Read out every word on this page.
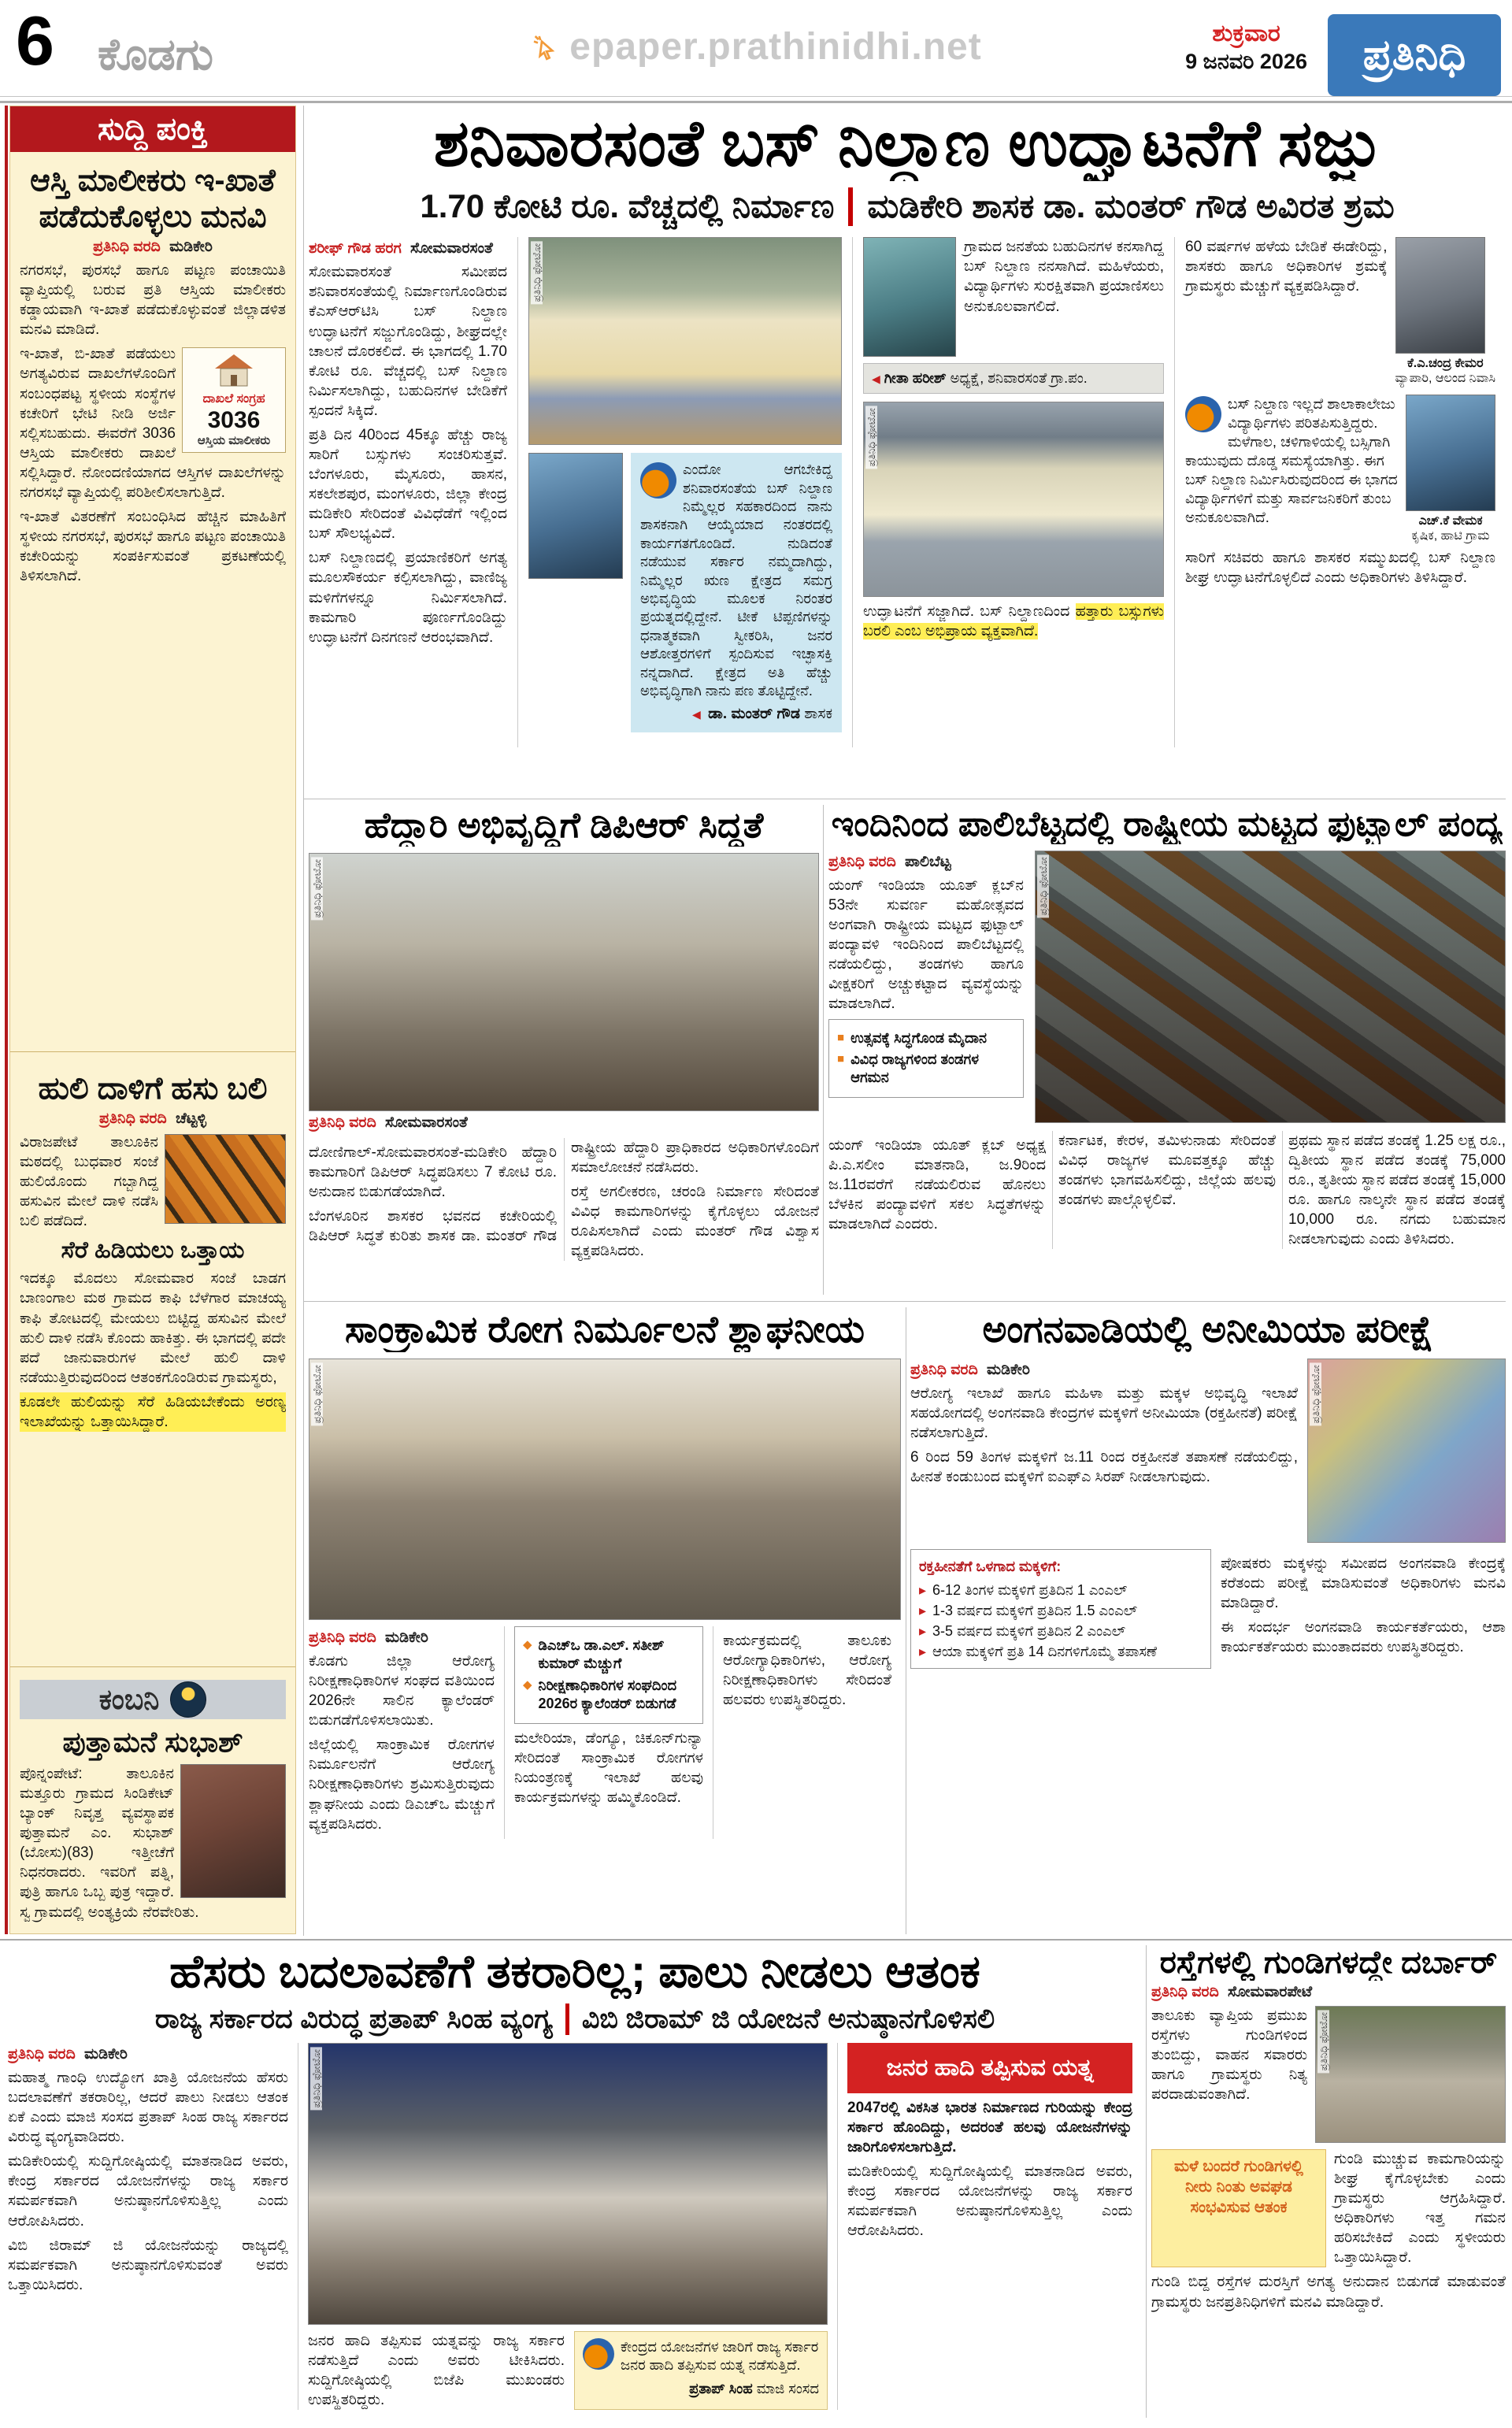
6 ಕೊಡಗು	epaper.prathinidhi.net	ಶುಕ್ರವಾರ
9 ಜನವರಿ 2026	ಪ್ರತಿನಿಧಿ
ಸುದ್ದಿ ಪಂಕ್ತಿ
ಆಸ್ತಿ ಮಾಲೀಕರು ಇ-ಖಾತೆ ಪಡೆದುಕೊಳ್ಳಲು ಮನವಿ
ಪ್ರತಿನಿಧಿ ವರದಿ ಮಡಿಕೇರಿ
ನಗರಸಭೆ, ಪುರಸಭೆ ಹಾಗೂ ಪಟ್ಟಣ ಪಂಚಾಯಿತಿ ವ್ಯಾಪ್ತಿಯಲ್ಲಿ ಬರುವ ಪ್ರತಿ ಆಸ್ತಿಯ ಮಾಲೀಕರು ಕಡ್ಡಾಯವಾಗಿ ಇ-ಖಾತೆ ಪಡೆದುಕೊಳ್ಳುವಂತೆ ಜಿಲ್ಲಾಡಳಿತ ಮನವಿ ಮಾಡಿದೆ.
ದಾಖಲೆ ಸಂಗ್ರಹ
3036
ಆಸ್ತಿಯ ಮಾಲೀಕರು
ಇ-ಖಾತೆ, ಬಿ-ಖಾತೆ ಪಡೆಯಲು ಅಗತ್ಯವಿರುವ ದಾಖಲೆಗಳೊಂದಿಗೆ ಸಂಬಂಧಪಟ್ಟ ಸ್ಥಳೀಯ ಸಂಸ್ಥೆಗಳ ಕಚೇರಿಗೆ ಭೇಟಿ ನೀಡಿ ಅರ್ಜಿ ಸಲ್ಲಿಸಬಹುದು. ಈವರೆಗೆ 3036 ಆಸ್ತಿಯ ಮಾಲೀಕರು ದಾಖಲೆ ಸಲ್ಲಿಸಿದ್ದಾರೆ. ನೋಂದಣಿಯಾಗದ ಆಸ್ತಿಗಳ ದಾಖಲೆಗಳನ್ನು ನಗರಸಭೆ ವ್ಯಾಪ್ತಿಯಲ್ಲಿ ಪರಿಶೀಲಿಸಲಾಗುತ್ತಿದೆ.
ಇ-ಖಾತೆ ವಿತರಣೆಗೆ ಸಂಬಂಧಿಸಿದ ಹೆಚ್ಚಿನ ಮಾಹಿತಿಗೆ ಸ್ಥಳೀಯ ನಗರಸಭೆ, ಪುರಸಭೆ ಹಾಗೂ ಪಟ್ಟಣ ಪಂಚಾಯಿತಿ ಕಚೇರಿಯನ್ನು ಸಂಪರ್ಕಿಸುವಂತೆ ಪ್ರಕಟಣೆಯಲ್ಲಿ ತಿಳಿಸಲಾಗಿದೆ.
ಹುಲಿ ದಾಳಿಗೆ ಹಸು ಬಲಿ
ಪ್ರತಿನಿಧಿ ವರದಿ ಚೆಟ್ಟಳ್ಳಿ
ವಿರಾಜಪೇಟೆ ತಾಲೂಕಿನ ಮಠದಲ್ಲಿ ಬುಧವಾರ ಸಂಜೆ ಹುಲಿಯೊಂದು ಗಬ್ಬಾಗಿದ್ದ ಹಸುವಿನ ಮೇಲೆ ದಾಳಿ ನಡೆಸಿ ಬಲಿ ಪಡೆದಿದೆ.
ಸೆರೆ ಹಿಡಿಯಲು ಒತ್ತಾಯ
ಇದಕ್ಕೂ ಮೊದಲು ಸೋಮವಾರ ಸಂಜೆ ಬಾಡಗ ಬಾಣಂಗಾಲ ಮಠ ಗ್ರಾಮದ ಕಾಫಿ ಬೆಳೆಗಾರ ಮಾಚಯ್ಯ ಕಾಫಿ ತೋಟದಲ್ಲಿ ಮೇಯಲು ಬಿಟ್ಟಿದ್ದ ಹಸುವಿನ ಮೇಲೆ ಹುಲಿ ದಾಳಿ ನಡೆಸಿ ಕೊಂದು ಹಾಕಿತ್ತು. ಈ ಭಾಗದಲ್ಲಿ ಪದೇ ಪದೆ ಜಾನುವಾರುಗಳ ಮೇಲೆ ಹುಲಿ ದಾಳಿ ನಡೆಯುತ್ತಿರುವುದರಿಂದ ಆತಂಕಗೊಂಡಿರುವ ಗ್ರಾಮಸ್ಥರು,
ಕೂಡಲೇ ಹುಲಿಯನ್ನು ಸೆರೆ ಹಿಡಿಯಬೇಕೆಂದು ಅರಣ್ಯ ಇಲಾಖೆಯನ್ನು ಒತ್ತಾಯಿಸಿದ್ದಾರೆ.
ಕಂಬನಿ
ಪುತ್ತಾಮನೆ ಸುಭಾಶ್
ಪೊನ್ನಂಪೇಟೆ: ತಾಲೂಕಿನ ಮತ್ತೂರು ಗ್ರಾಮದ ಸಿಂಡಿಕೇಟ್ ಬ್ಯಾಂಕ್ ನಿವೃತ್ತ ವ್ಯವಸ್ಥಾಪಕ ಪುತ್ತಾಮನೆ ಎಂ. ಸುಭಾಶ್ (ಬೋಸು)(83) ಇತ್ತೀಚೆಗೆ ನಿಧನರಾದರು. ಇವರಿಗೆ ಪತ್ನಿ, ಪುತ್ರಿ ಹಾಗೂ ಒಬ್ಬ ಪುತ್ರ ಇದ್ದಾರೆ. ಸ್ವ ಗ್ರಾಮದಲ್ಲಿ ಅಂತ್ಯಕ್ರಿಯೆ ನೆರವೇರಿತು.
ಶನಿವಾರಸಂತೆ ಬಸ್ ನಿಲ್ದಾಣ ಉದ್ಘಾಟನೆಗೆ ಸಜ್ಜು
1.70 ಕೋಟಿ ರೂ. ವೆಚ್ಚದಲ್ಲಿ ನಿರ್ಮಾಣ ಮಡಿಕೇರಿ ಶಾಸಕ ಡಾ. ಮಂತರ್ ಗೌಡ ಅವಿರತ ಶ್ರಮ
ಶರೀಫ್ ಗೌಡ ಹರಗ ಸೋಮವಾರಸಂತೆ
ಸೋಮವಾರಸಂತೆ ಸಮೀಪದ ಶನಿವಾರಸಂತೆಯಲ್ಲಿ ನಿರ್ಮಾಣಗೊಂಡಿರುವ ಕೆಎಸ್‌ಆರ್‌ಟಿಸಿ ಬಸ್ ನಿಲ್ದಾಣ ಉದ್ಘಾಟನೆಗೆ ಸಜ್ಜುಗೊಂಡಿದ್ದು, ಶೀಘ್ರದಲ್ಲೇ ಚಾಲನೆ ದೊರಕಲಿದೆ. ಈ ಭಾಗದಲ್ಲಿ 1.70 ಕೋಟಿ ರೂ. ವೆಚ್ಚದಲ್ಲಿ ಬಸ್ ನಿಲ್ದಾಣ ನಿರ್ಮಿಸಲಾಗಿದ್ದು, ಬಹುದಿನಗಳ ಬೇಡಿಕೆಗೆ ಸ್ಪಂದನೆ ಸಿಕ್ಕಿದೆ.
ಪ್ರತಿ ದಿನ 40ರಿಂದ 45ಕ್ಕೂ ಹೆಚ್ಚು ರಾಜ್ಯ ಸಾರಿಗೆ ಬಸ್ಸುಗಳು ಸಂಚರಿಸುತ್ತವೆ. ಬೆಂಗಳೂರು, ಮೈಸೂರು, ಹಾಸನ, ಸಕಲೇಶಪುರ, ಮಂಗಳೂರು, ಜಿಲ್ಲಾ ಕೇಂದ್ರ ಮಡಿಕೇರಿ ಸೇರಿದಂತೆ ವಿವಿಧೆಡೆಗೆ ಇಲ್ಲಿಂದ ಬಸ್ ಸೌಲಭ್ಯವಿದೆ.
ಬಸ್ ನಿಲ್ದಾಣದಲ್ಲಿ ಪ್ರಯಾಣಿಕರಿಗೆ ಅಗತ್ಯ ಮೂಲಸೌಕರ್ಯ ಕಲ್ಪಿಸಲಾಗಿದ್ದು, ವಾಣಿಜ್ಯ ಮಳಿಗೆಗಳನ್ನೂ ನಿರ್ಮಿಸಲಾಗಿದೆ. ಕಾಮಗಾರಿ ಪೂರ್ಣಗೊಂಡಿದ್ದು ಉದ್ಘಾಟನೆಗೆ ದಿನಗಣನೆ ಆರಂಭವಾಗಿದೆ.
ಪ್ರತಿನಿಧಿ ಫೋಟೋ
ಎಂದೋ ಆಗಬೇಕಿದ್ದ ಶನಿವಾರಸಂತೆಯ ಬಸ್ ನಿಲ್ದಾಣ ನಿಮ್ಮೆಲ್ಲರ ಸಹಕಾರದಿಂದ ನಾನು ಶಾಸಕನಾಗಿ ಆಯ್ಕೆಯಾದ ನಂತರದಲ್ಲಿ ಕಾರ್ಯಗತಗೊಂಡಿದೆ. ನುಡಿದಂತೆ ನಡೆಯುವ ಸರ್ಕಾರ ನಮ್ಮದಾಗಿದ್ದು, ನಿಮ್ಮೆಲ್ಲರ ಋಣ ಕ್ಷೇತ್ರದ ಸಮಗ್ರ ಅಭಿವೃದ್ಧಿಯ ಮೂಲಕ ನಿರಂತರ ಪ್ರಯತ್ನದಲ್ಲಿದ್ದೇನೆ. ಟೀಕೆ ಟಿಪ್ಪಣಿಗಳನ್ನು ಧನಾತ್ಮಕವಾಗಿ ಸ್ವೀಕರಿಸಿ, ಜನರ ಆಶೋತ್ತರಗಳಿಗೆ ಸ್ಪಂದಿಸುವ ಇಚ್ಛಾಸಕ್ತಿ ನನ್ನದಾಗಿದೆ. ಕ್ಷೇತ್ರದ ಅತಿ ಹೆಚ್ಚು ಅಭಿವೃದ್ಧಿಗಾಗಿ ನಾನು ಪಣ ತೊಟ್ಟಿದ್ದೇನೆ.
◀ ಡಾ. ಮಂತರ್ ಗೌಡ ಶಾಸಕ
ಗ್ರಾಮದ ಜನತೆಯ ಬಹುದಿನಗಳ ಕನಸಾಗಿದ್ದ ಬಸ್ ನಿಲ್ದಾಣ ನನಸಾಗಿದೆ. ಮಹಿಳೆಯರು, ವಿದ್ಯಾರ್ಥಿಗಳು ಸುರಕ್ಷಿತವಾಗಿ ಪ್ರಯಾಣಿಸಲು ಅನುಕೂಲವಾಗಲಿದೆ.
◀ ಗೀತಾ ಹರೀಶ್ ಅಧ್ಯಕ್ಷೆ, ಶನಿವಾರಸಂತೆ ಗ್ರಾ.ಪಂ.
ಪ್ರತಿನಿಧಿ ಫೋಟೋ
ಉದ್ಘಾಟನೆಗೆ ಸಜ್ಜಾಗಿದೆ. ಬಸ್ ನಿಲ್ದಾಣದಿಂದ ಹತ್ತಾರು ಬಸ್ಸುಗಳು ಬರಲಿ ಎಂಬ ಅಭಿಪ್ರಾಯ ವ್ಯಕ್ತವಾಗಿದೆ.
60 ವರ್ಷಗಳ ಹಳೆಯ ಬೇಡಿಕೆ ಈಡೇರಿದ್ದು, ಶಾಸಕರು ಹಾಗೂ ಅಧಿಕಾರಿಗಳ ಶ್ರಮಕ್ಕೆ ಗ್ರಾಮಸ್ಥರು ಮೆಚ್ಚುಗೆ ವ್ಯಕ್ತಪಡಿಸಿದ್ದಾರೆ.
ಕೆ.ಎ.ಚಂದ್ರ ಕೇಮರ
ವ್ಯಾಪಾರಿ, ಆಲಂದ ನಿವಾಸಿ
ಬಸ್ ನಿಲ್ದಾಣ ಇಲ್ಲದೆ ಶಾಲಾಕಾಲೇಜು ವಿದ್ಯಾರ್ಥಿಗಳು ಪರಿತಪಿಸುತ್ತಿದ್ದರು. ಮಳೆಗಾಲ, ಚಳಿಗಾಳಿಯಲ್ಲಿ ಬಸ್ಸಿಗಾಗಿ ಕಾಯುವುದು ದೊಡ್ಡ ಸಮಸ್ಯೆಯಾಗಿತ್ತು. ಈಗ ಬಸ್ ನಿಲ್ದಾಣ ನಿರ್ಮಿಸಿರುವುದರಿಂದ ಈ ಭಾಗದ ವಿದ್ಯಾರ್ಥಿಗಳಿಗೆ ಮತ್ತು ಸಾರ್ವಜನಿಕರಿಗೆ ತುಂಬ ಅನುಕೂಲವಾಗಿದೆ.	ಎಚ್.ಕೆ ವೇಮಕ
ಕೃಷಿಕ, ಹಾಟಿ ಗ್ರಾಮ
ಸಾರಿಗೆ ಸಚಿವರು ಹಾಗೂ ಶಾಸಕರ ಸಮ್ಮುಖದಲ್ಲಿ ಬಸ್ ನಿಲ್ದಾಣ ಶೀಘ್ರ ಉದ್ಘಾಟನೆಗೊಳ್ಳಲಿದೆ ಎಂದು ಅಧಿಕಾರಿಗಳು ತಿಳಿಸಿದ್ದಾರೆ.
ಹೆದ್ದಾರಿ ಅಭಿವೃದ್ಧಿಗೆ ಡಿಪಿಆರ್ ಸಿದ್ಧತೆ
ಪ್ರತಿನಿಧಿ ಫೋಟೋ
ಪ್ರತಿನಿಧಿ ವರದಿ ಸೋಮವಾರಸಂತೆ
ದೋಣಿಗಾಲ್-ಸೋಮವಾರಸಂತೆ-ಮಡಿಕೇರಿ ಹೆದ್ದಾರಿ ಕಾಮಗಾರಿಗೆ ಡಿಪಿಆರ್ ಸಿದ್ಧಪಡಿಸಲು 7 ಕೋಟಿ ರೂ. ಅನುದಾನ ಬಿಡುಗಡೆಯಾಗಿದೆ.
ಬೆಂಗಳೂರಿನ ಶಾಸಕರ ಭವನದ ಕಚೇರಿಯಲ್ಲಿ ಡಿಪಿಆರ್ ಸಿದ್ಧತೆ ಕುರಿತು ಶಾಸಕ ಡಾ. ಮಂತರ್ ಗೌಡ ರಾಷ್ಟ್ರೀಯ ಹೆದ್ದಾರಿ ಪ್ರಾಧಿಕಾರದ ಅಧಿಕಾರಿಗಳೊಂದಿಗೆ ಸಮಾಲೋಚನೆ ನಡೆಸಿದರು.
ರಸ್ತೆ ಅಗಲೀಕರಣ, ಚರಂಡಿ ನಿರ್ಮಾಣ ಸೇರಿದಂತೆ ವಿವಿಧ ಕಾಮಗಾರಿಗಳನ್ನು ಕೈಗೊಳ್ಳಲು ಯೋಜನೆ ರೂಪಿಸಲಾಗಿದೆ ಎಂದು ಮಂತರ್ ಗೌಡ ವಿಶ್ವಾಸ ವ್ಯಕ್ತಪಡಿಸಿದರು.
ಇಂದಿನಿಂದ ಪಾಲಿಬೆಟ್ಟದಲ್ಲಿ ರಾಷ್ಟ್ರೀಯ ಮಟ್ಟದ ಫುಟ್ಬಾಲ್ ಪಂದ್ಯ
ಪ್ರತಿನಿಧಿ ವರದಿ ಪಾಲಿಬೆಟ್ಟ
ಯಂಗ್ ಇಂಡಿಯಾ ಯೂತ್ ಕ್ಲಬ್‌ನ 53ನೇ ಸುವರ್ಣ ಮಹೋತ್ಸವದ ಅಂಗವಾಗಿ ರಾಷ್ಟ್ರೀಯ ಮಟ್ಟದ ಫುಟ್ಬಾಲ್ ಪಂದ್ಯಾವಳಿ ಇಂದಿನಿಂದ ಪಾಲಿಬೆಟ್ಟದಲ್ಲಿ ನಡೆಯಲಿದ್ದು, ತಂಡಗಳು ಹಾಗೂ ವೀಕ್ಷಕರಿಗೆ ಅಚ್ಚುಕಟ್ಟಾದ ವ್ಯವಸ್ಥೆಯನ್ನು ಮಾಡಲಾಗಿದೆ.
■ ಉತ್ಸವಕ್ಕೆ ಸಿದ್ಧಗೊಂಡ ಮೈದಾನ
■ ವಿವಿಧ ರಾಜ್ಯಗಳಿಂದ ತಂಡಗಳ ಆಗಮನ
ಪ್ರತಿನಿಧಿ ಫೋಟೋ
ಯಂಗ್ ಇಂಡಿಯಾ ಯೂತ್ ಕ್ಲಬ್ ಅಧ್ಯಕ್ಷ ಪಿ.ಎ.ಸಲೀಂ ಮಾತನಾಡಿ, ಜ.9ರಿಂದ ಜ.11ರವರೆಗೆ ನಡೆಯಲಿರುವ ಹೊನಲು ಬೆಳಕಿನ ಪಂದ್ಯಾವಳಿಗೆ ಸಕಲ ಸಿದ್ಧತೆಗಳನ್ನು ಮಾಡಲಾಗಿದೆ ಎಂದರು.
ಕರ್ನಾಟಕ, ಕೇರಳ, ತಮಿಳುನಾಡು ಸೇರಿದಂತೆ ವಿವಿಧ ರಾಜ್ಯಗಳ ಮೂವತ್ತಕ್ಕೂ ಹೆಚ್ಚು ತಂಡಗಳು ಭಾಗವಹಿಸಲಿದ್ದು, ಜಿಲ್ಲೆಯ ಹಲವು ತಂಡಗಳು ಪಾಲ್ಗೊಳ್ಳಲಿವೆ.
ಪ್ರಥಮ ಸ್ಥಾನ ಪಡೆದ ತಂಡಕ್ಕೆ 1.25 ಲಕ್ಷ ರೂ., ದ್ವಿತೀಯ ಸ್ಥಾನ ಪಡೆದ ತಂಡಕ್ಕೆ 75,000 ರೂ., ತೃತೀಯ ಸ್ಥಾನ ಪಡೆದ ತಂಡಕ್ಕೆ 15,000 ರೂ. ಹಾಗೂ ನಾಲ್ಕನೇ ಸ್ಥಾನ ಪಡೆದ ತಂಡಕ್ಕೆ 10,000 ರೂ. ನಗದು ಬಹುಮಾನ ನೀಡಲಾಗುವುದು ಎಂದು ತಿಳಿಸಿದರು.
ಸಾಂಕ್ರಾಮಿಕ ರೋಗ ನಿರ್ಮೂಲನೆ ಶ್ಲಾಘನೀಯ
ಪ್ರತಿನಿಧಿ ಫೋಟೋ
ಪ್ರತಿನಿಧಿ ವರದಿ ಮಡಿಕೇರಿ
ಕೊಡಗು ಜಿಲ್ಲಾ ಆರೋಗ್ಯ ನಿರೀಕ್ಷಣಾಧಿಕಾರಿಗಳ ಸಂಘದ ವತಿಯಿಂದ 2026ನೇ ಸಾಲಿನ ಕ್ಯಾಲೆಂಡರ್ ಬಿಡುಗಡೆಗೊಳಿಸಲಾಯಿತು.
ಜಿಲ್ಲೆಯಲ್ಲಿ ಸಾಂಕ್ರಾಮಿಕ ರೋಗಗಳ ನಿರ್ಮೂಲನೆಗೆ ಆರೋಗ್ಯ ನಿರೀಕ್ಷಣಾಧಿಕಾರಿಗಳು ಶ್ರಮಿಸುತ್ತಿರುವುದು ಶ್ಲಾಘನೀಯ ಎಂದು ಡಿಎಚ್‌ಒ ಮೆಚ್ಚುಗೆ ವ್ಯಕ್ತಪಡಿಸಿದರು.
◆ ಡಿಎಚ್‌ಒ ಡಾ.ಎಲ್. ಸತೀಶ್ ಕುಮಾರ್ ಮೆಚ್ಚುಗೆ
◆ ನಿರೀಕ್ಷಣಾಧಿಕಾರಿಗಳ ಸಂಘದಿಂದ 2026ರ ಕ್ಯಾಲೆಂಡರ್ ಬಿಡುಗಡೆ
ಮಲೇರಿಯಾ, ಡೆಂಗ್ಯೂ, ಚಿಕೂನ್‌ಗುನ್ಯಾ ಸೇರಿದಂತೆ ಸಾಂಕ್ರಾಮಿಕ ರೋಗಗಳ ನಿಯಂತ್ರಣಕ್ಕೆ ಇಲಾಖೆ ಹಲವು ಕಾರ್ಯಕ್ರಮಗಳನ್ನು ಹಮ್ಮಿಕೊಂಡಿದೆ.
ಕಾರ್ಯಕ್ರಮದಲ್ಲಿ ತಾಲೂಕು ಆರೋಗ್ಯಾಧಿಕಾರಿಗಳು, ಆರೋಗ್ಯ ನಿರೀಕ್ಷಣಾಧಿಕಾರಿಗಳು ಸೇರಿದಂತೆ ಹಲವರು ಉಪಸ್ಥಿತರಿದ್ದರು.
ಅಂಗನವಾಡಿಯಲ್ಲಿ ಅನೀಮಿಯಾ ಪರೀಕ್ಷೆ
ಪ್ರತಿನಿಧಿ ವರದಿ ಮಡಿಕೇರಿ
ಆರೋಗ್ಯ ಇಲಾಖೆ ಹಾಗೂ ಮಹಿಳಾ ಮತ್ತು ಮಕ್ಕಳ ಅಭಿವೃದ್ಧಿ ಇಲಾಖೆ ಸಹಯೋಗದಲ್ಲಿ ಅಂಗನವಾಡಿ ಕೇಂದ್ರಗಳ ಮಕ್ಕಳಿಗೆ ಅನೀಮಿಯಾ (ರಕ್ತಹೀನತೆ) ಪರೀಕ್ಷೆ ನಡೆಸಲಾಗುತ್ತಿದೆ.
6 ರಿಂದ 59 ತಿಂಗಳ ಮಕ್ಕಳಿಗೆ ಜ.11 ರಿಂದ ರಕ್ತಹೀನತೆ ತಪಾಸಣೆ ನಡೆಯಲಿದ್ದು, ಹೀನತೆ ಕಂಡುಬಂದ ಮಕ್ಕಳಿಗೆ ಐಎಫ್‌ಎ ಸಿರಪ್ ನೀಡಲಾಗುವುದು.
ಪ್ರತಿನಿಧಿ ಫೋಟೋ
ರಕ್ತಹೀನತೆಗೆ ಒಳಗಾದ ಮಕ್ಕಳಿಗೆ:
▸ 6-12 ತಿಂಗಳ ಮಕ್ಕಳಿಗೆ ಪ್ರತಿದಿನ 1 ಎಂಎಲ್
▸ 1-3 ವರ್ಷದ ಮಕ್ಕಳಿಗೆ ಪ್ರತಿದಿನ 1.5 ಎಂಎಲ್
▸ 3-5 ವರ್ಷದ ಮಕ್ಕಳಿಗೆ ಪ್ರತಿದಿನ 2 ಎಂಎಲ್
▸ ಆಯಾ ಮಕ್ಕಳಿಗೆ ಪ್ರತಿ 14 ದಿನಗಳಿಗೊಮ್ಮೆ ತಪಾಸಣೆ
ಪೋಷಕರು ಮಕ್ಕಳನ್ನು ಸಮೀಪದ ಅಂಗನವಾಡಿ ಕೇಂದ್ರಕ್ಕೆ ಕರೆತಂದು ಪರೀಕ್ಷೆ ಮಾಡಿಸುವಂತೆ ಅಧಿಕಾರಿಗಳು ಮನವಿ ಮಾಡಿದ್ದಾರೆ.
ಈ ಸಂದರ್ಭ ಅಂಗನವಾಡಿ ಕಾರ್ಯಕರ್ತೆಯರು, ಆಶಾ ಕಾರ್ಯಕರ್ತೆಯರು ಮುಂತಾದವರು ಉಪಸ್ಥಿತರಿದ್ದರು.
ಹೆಸರು ಬದಲಾವಣೆಗೆ ತಕರಾರಿಲ್ಲ; ಪಾಲು ನೀಡಲು ಆತಂಕ
ರಾಜ್ಯ ಸರ್ಕಾರದ ವಿರುದ್ಧ ಪ್ರತಾಪ್ ಸಿಂಹ ವ್ಯಂಗ್ಯ ವಿಬಿ ಜಿರಾಮ್ ಜಿ ಯೋಜನೆ ಅನುಷ್ಠಾನಗೊಳಿಸಲಿ
ಪ್ರತಿನಿಧಿ ವರದಿ ಮಡಿಕೇರಿ
ಮಹಾತ್ಮ ಗಾಂಧಿ ಉದ್ಯೋಗ ಖಾತ್ರಿ ಯೋಜನೆಯ ಹೆಸರು ಬದಲಾವಣೆಗೆ ತಕರಾರಿಲ್ಲ, ಆದರೆ ಪಾಲು ನೀಡಲು ಆತಂಕ ಏಕೆ ಎಂದು ಮಾಜಿ ಸಂಸದ ಪ್ರತಾಪ್ ಸಿಂಹ ರಾಜ್ಯ ಸರ್ಕಾರದ ವಿರುದ್ಧ ವ್ಯಂಗ್ಯವಾಡಿದರು.
ಮಡಿಕೇರಿಯಲ್ಲಿ ಸುದ್ದಿಗೋಷ್ಠಿಯಲ್ಲಿ ಮಾತನಾಡಿದ ಅವರು, ಕೇಂದ್ರ ಸರ್ಕಾರದ ಯೋಜನೆಗಳನ್ನು ರಾಜ್ಯ ಸರ್ಕಾರ ಸಮರ್ಪಕವಾಗಿ ಅನುಷ್ಠಾನಗೊಳಿಸುತ್ತಿಲ್ಲ ಎಂದು ಆರೋಪಿಸಿದರು.
ವಿಬಿ ಜಿರಾಮ್ ಜಿ ಯೋಜನೆಯನ್ನು ರಾಜ್ಯದಲ್ಲಿ ಸಮರ್ಪಕವಾಗಿ ಅನುಷ್ಠಾನಗೊಳಿಸುವಂತೆ ಅವರು ಒತ್ತಾಯಿಸಿದರು.
ಪ್ರತಿನಿಧಿ ಫೋಟೋ
ಜನರ ಹಾದಿ ತಪ್ಪಿಸುವ ಯತ್ನವನ್ನು ರಾಜ್ಯ ಸರ್ಕಾರ ನಡೆಸುತ್ತಿದೆ ಎಂದು ಅವರು ಟೀಕಿಸಿದರು. ಸುದ್ದಿಗೋಷ್ಠಿಯಲ್ಲಿ ಬಿಜೆಪಿ ಮುಖಂಡರು ಉಪಸ್ಥಿತರಿದ್ದರು.
ಕೇಂದ್ರದ ಯೋಜನೆಗಳ ಜಾರಿಗೆ ರಾಜ್ಯ ಸರ್ಕಾರ ಜನರ ಹಾದಿ ತಪ್ಪಿಸುವ ಯತ್ನ ನಡೆಸುತ್ತಿದೆ.
ಪ್ರತಾಪ್ ಸಿಂಹ ಮಾಜಿ ಸಂಸದ
ಜನರ ಹಾದಿ ತಪ್ಪಿಸುವ ಯತ್ನ
2047ರಲ್ಲಿ ವಿಕಸಿತ ಭಾರತ ನಿರ್ಮಾಣದ ಗುರಿಯನ್ನು ಕೇಂದ್ರ ಸರ್ಕಾರ ಹೊಂದಿದ್ದು, ಅದರಂತೆ ಹಲವು ಯೋಜನೆಗಳನ್ನು ಜಾರಿಗೊಳಿಸಲಾಗುತ್ತಿದೆ.
ಮಡಿಕೇರಿಯಲ್ಲಿ ಸುದ್ದಿಗೋಷ್ಠಿಯಲ್ಲಿ ಮಾತನಾಡಿದ ಅವರು, ಕೇಂದ್ರ ಸರ್ಕಾರದ ಯೋಜನೆಗಳನ್ನು ರಾಜ್ಯ ಸರ್ಕಾರ ಸಮರ್ಪಕವಾಗಿ ಅನುಷ್ಠಾನಗೊಳಿಸುತ್ತಿಲ್ಲ ಎಂದು ಆರೋಪಿಸಿದರು.
ರಸ್ತೆಗಳಲ್ಲಿ ಗುಂಡಿಗಳದ್ದೇ ದರ್ಬಾರ್
ಪ್ರತಿನಿಧಿ ವರದಿ ಸೋಮವಾರಪೇಟೆ
ತಾಲೂಕು ವ್ಯಾಪ್ತಿಯ ಪ್ರಮುಖ ರಸ್ತೆಗಳು ಗುಂಡಿಗಳಿಂದ ತುಂಬಿದ್ದು, ವಾಹನ ಸವಾರರು ಹಾಗೂ ಗ್ರಾಮಸ್ಥರು ನಿತ್ಯ ಪರದಾಡುವಂತಾಗಿದೆ.
ಪ್ರತಿನಿಧಿ ಫೋಟೋ
ಮಳೆ ಬಂದರೆ ಗುಂಡಿಗಳಲ್ಲಿ ನೀರು ನಿಂತು ಅವಘಡ ಸಂಭವಿಸುವ ಆತಂಕ
ಗುಂಡಿ ಮುಚ್ಚುವ ಕಾಮಗಾರಿಯನ್ನು ಶೀಘ್ರ ಕೈಗೊಳ್ಳಬೇಕು ಎಂದು ಗ್ರಾಮಸ್ಥರು ಆಗ್ರಹಿಸಿದ್ದಾರೆ. ಅಧಿಕಾರಿಗಳು ಇತ್ತ ಗಮನ ಹರಿಸಬೇಕಿದೆ ಎಂದು ಸ್ಥಳೀಯರು ಒತ್ತಾಯಿಸಿದ್ದಾರೆ.
ಗುಂಡಿ ಬಿದ್ದ ರಸ್ತೆಗಳ ದುರಸ್ತಿಗೆ ಅಗತ್ಯ ಅನುದಾನ ಬಿಡುಗಡೆ ಮಾಡುವಂತೆ ಗ್ರಾಮಸ್ಥರು ಜನಪ್ರತಿನಿಧಿಗಳಿಗೆ ಮನವಿ ಮಾಡಿದ್ದಾರೆ.
